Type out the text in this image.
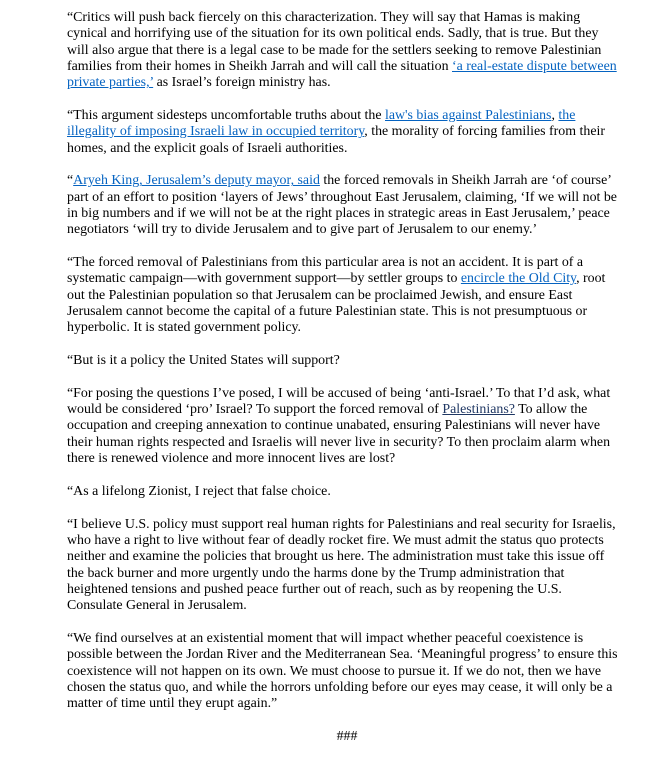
“Critics will push back fiercely on this characterization. They will say that Hamas is making cynical and horrifying use of the situation for its own political ends. Sadly, that is true. But they will also argue that there is a legal case to be made for the settlers seeking to remove Palestinian families from their homes in Sheikh Jarrah and will call the situation ‘a real-estate dispute between private parties,’ as Israel’s foreign ministry has.

“This argument sidesteps uncomfortable truths about the law's bias against Palestinians, the illegality of imposing Israeli law in occupied territory, the morality of forcing families from their homes, and the explicit goals of Israeli authorities.

“Aryeh King, Jerusalem’s deputy mayor, said the forced removals in Sheikh Jarrah are ‘of course’ part of an effort to position ‘layers of Jews’ throughout East Jerusalem, claiming, ‘If we will not be in big numbers and if we will not be at the right places in strategic areas in East Jerusalem,’ peace negotiators ‘will try to divide Jerusalem and to give part of Jerusalem to our enemy.’

“The forced removal of Palestinians from this particular area is not an accident. It is part of a systematic campaign—with government support—by settler groups to encircle the Old City, root out the Palestinian population so that Jerusalem can be proclaimed Jewish, and ensure East Jerusalem cannot become the capital of a future Palestinian state. This is not presumptuous or hyperbolic. It is stated government policy.

“But is it a policy the United States will support?

“For posing the questions I’ve posed, I will be accused of being ‘anti-Israel.’ To that I’d ask, what would be considered ‘pro’ Israel? To support the forced removal of Palestinians? To allow the occupation and creeping annexation to continue unabated, ensuring Palestinians will never have their human rights respected and Israelis will never live in security? To then proclaim alarm when there is renewed violence and more innocent lives are lost?

“As a lifelong Zionist, I reject that false choice.

“I believe U.S. policy must support real human rights for Palestinians and real security for Israelis, who have a right to live without fear of deadly rocket fire. We must admit the status quo protects neither and examine the policies that brought us here. The administration must take this issue off the back burner and more urgently undo the harms done by the Trump administration that heightened tensions and pushed peace further out of reach, such as by reopening the U.S. Consulate General in Jerusalem.

“We find ourselves at an existential moment that will impact whether peaceful coexistence is possible between the Jordan River and the Mediterranean Sea. ‘Meaningful progress’ to ensure this coexistence will not happen on its own. We must choose to pursue it. If we do not, then we have chosen the status quo, and while the horrors unfolding before our eyes may cease, it will only be a matter of time until they erupt again.”

###
